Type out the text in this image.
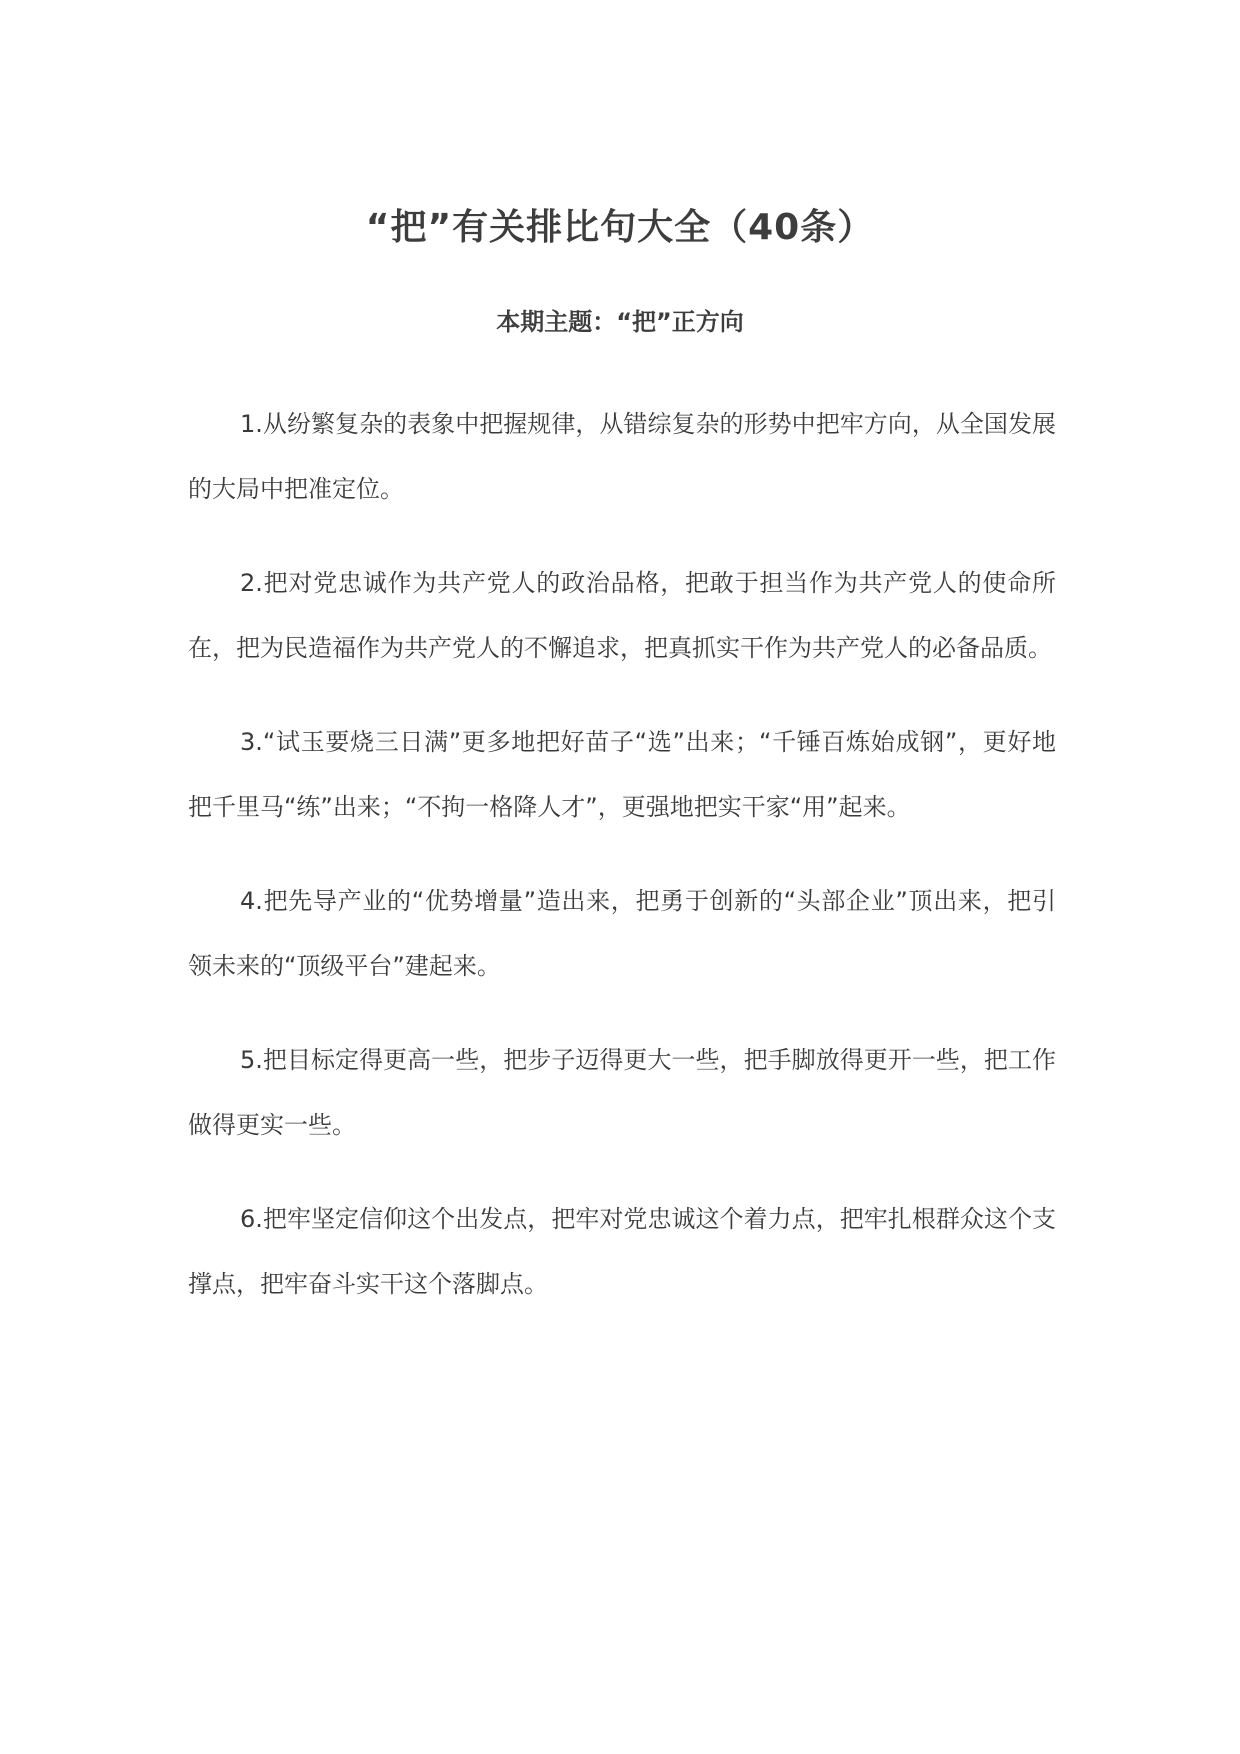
“把”有关排比句大全（40条）
本期主题：“把”正方向

1.从纷繁复杂的表象中把握规律，从错综复杂的形势中把牢方向，从全国发展的大局中把准定位。

2.把对党忠诚作为共产党人的政治品格，把敢于担当作为共产党人的使命所在，把为民造福作为共产党人的不懈追求，把真抓实干作为共产党人的必备品质。

3.“试玉要烧三日满”更多地把好苗子“选”出来；“千锤百炼始成钢”，更好地把千里马“练”出来；“不拘一格降人才”，更强地把实干家“用”起来。

4.把先导产业的“优势增量”造出来，把勇于创新的“头部企业”顶出来，把引领未来的“顶级平台”建起来。

5.把目标定得更高一些，把步子迈得更大一些，把手脚放得更开一些，把工作做得更实一些。

6.把牢坚定信仰这个出发点，把牢对党忠诚这个着力点，把牢扎根群众这个支撑点，把牢奋斗实干这个落脚点。
